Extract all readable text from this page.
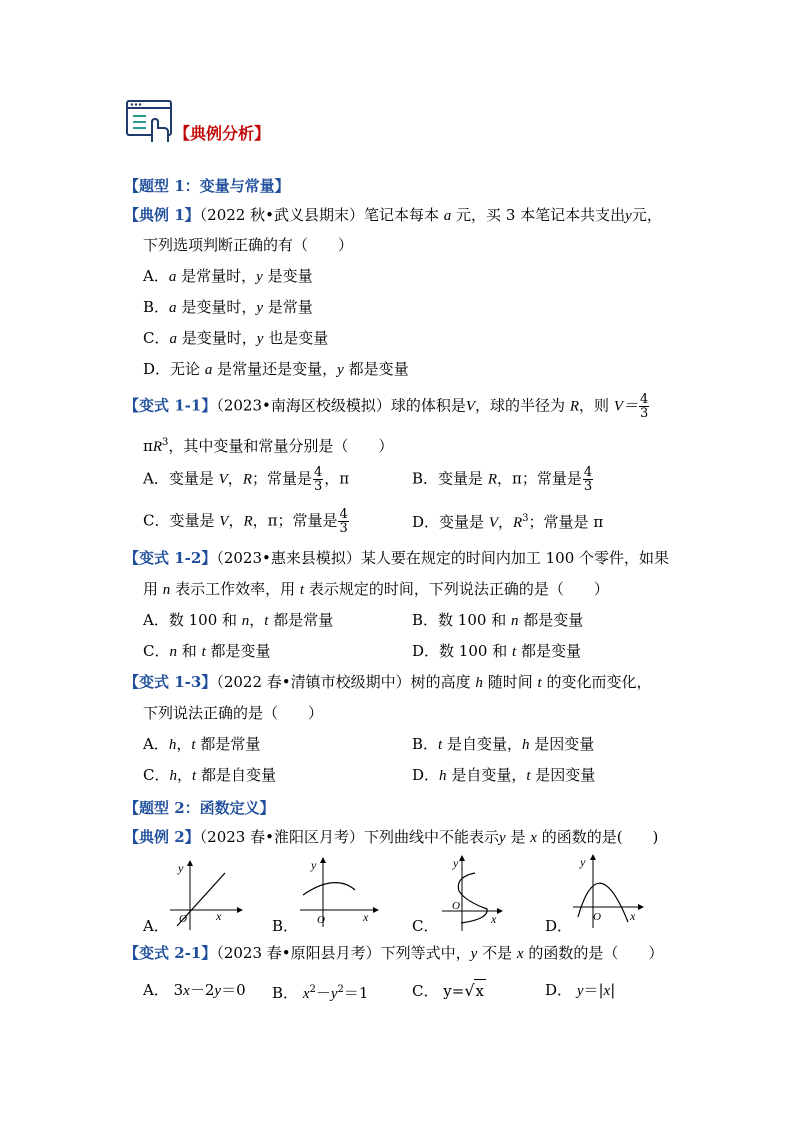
【典例分析】
【题型 1：变量与常量】
【典例 1】（2022 秋•武义县期末）笔记本每本 a 元，买 3 本笔记本共支出y元，
下列选项判断正确的有（　　）
A．a 是常量时，y 是变量
B．a 是变量时，y 是常量
C．a 是变量时，y 也是变量
D．无论 a 是常量还是变量，y 都是变量
【变式 1-1】（2023•南海区校级模拟）球的体积是V，球的半径为 R，则 $V= \frac{4}{3}$
$\pi R^3$，其中变量和常量分别是（　　）
A．变量是 V，R；常量是 $\frac{4}{3}$ ，π	B．变量是 R，π；常量是 $\frac{4}{3}$
C．变量是 V，R，π；常量是 $\frac{4}{3}$	D．变量是 V，$R^3$；常量是 π
【变式 1-2】（2023•惠来县模拟）某人要在规定的时间内加工 100 个零件，如果
用 n 表示工作效率，用 t 表示规定的时间，下列说法正确的是（　　）
A．数 100 和 n，t 都是常量	B．数 100 和 n 都是变量
C．n 和 t 都是变量	D．数 100 和 t 都是变量
【变式 1-3】（2022 春•清镇市校级期中）树的高度 h 随时间 t 的变化而变化，
下列说法正确的是（　　）
A．h，t 都是常量	B．t 是自变量，h 是因变量
C．h，t 都是自变量	D．h 是自变量，t 是因变量
【题型 2：函数定义】
【典例 2】（2023 春•淮阳区月考）下列曲线中不能表示y 是 x 的函数的是(　　)
A．	B．	C．	D．
y
x
O
y
x
O
y
x
O
y
x
O
【变式 2-1】（2023 春•原阳县月考）下列等式中，y 不是 x 的函数的是（　　）
A． 3x－2y＝0 B． $x^2-y^2=1$	C． y=√x	D． y＝|x|
